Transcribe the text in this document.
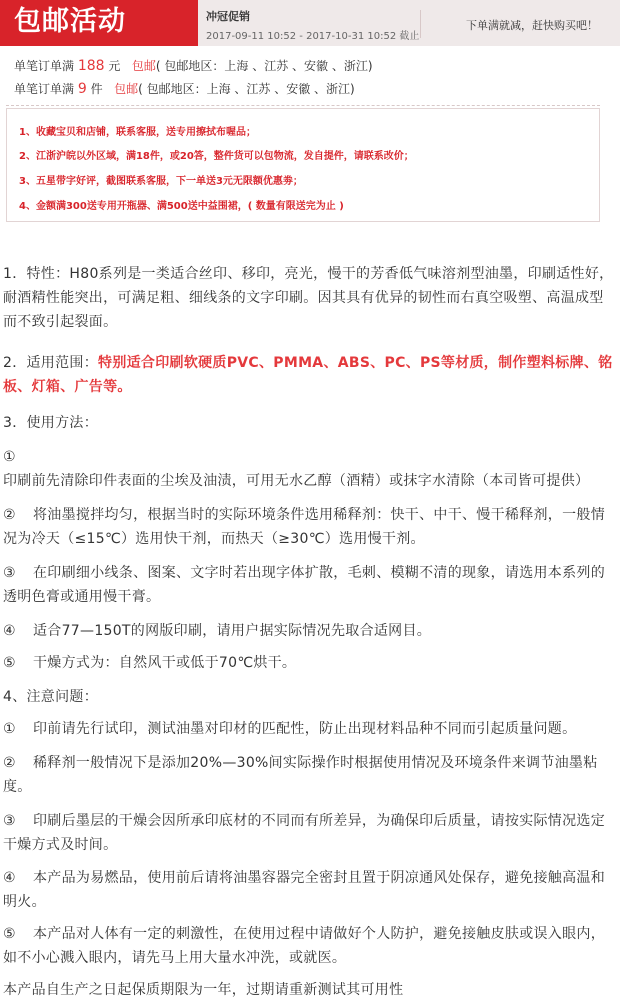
包邮活动	冲冠促销
2017-09-11 10:52 - 2017-10-31 10:52 截止
下单满就减，赶快购买吧！
单笔订单满 188 元 包邮( 包邮地区：上海 、江苏 、安徽 、浙江)
单笔订单满 9 件 包邮( 包邮地区：上海 、江苏 、安徽 、浙江)
1、收藏宝贝和店铺，联系客服，送专用擦拭布喔品；
2、江浙沪皖以外区域，满18件，或20答，整件货可以包物流，发自提件，请联系改价；
3、五星带字好评，截图联系客服，下一单送3元无限额优惠劵；
4、金额满300送专用开瓶器、满500送中益围裙，( 数量有限送完为止 )
1．特性：H80系列是一类适合丝印、移印，亮光，慢干的芳香低气味溶剂型油墨，印刷适性好，耐酒精性能突出，可满足粗、细线条的文字印刷。因其具有优异的韧性而右真空吸塑、高温成型而不致引起裂面。
2．适用范围：特别适合印刷软硬质PVC、PMMA、ABS、PC、PS等材质，制作塑料标牌、铭板、灯箱、广告等。
3．使用方法：
①印刷前先清除印件表面的尘埃及油渍，可用无水乙醇（酒精）或抹字水清除（本司皆可提供）
② 将油墨搅拌均匀，根据当时的实际环境条件选用稀释剂：快干、中干、慢干稀释剂，一般情况为冷天（≤15℃）选用快干剂，而热天（≥30℃）选用慢干剂。
③ 在印刷细小线条、图案、文字时若出现字体扩散，毛刺、模糊不清的现象，请选用本系列的透明色膏或通用慢干膏。
④ 适合77—150T的网版印刷，请用户据实际情况先取合适网目。
⑤ 干燥方式为：自然风干或低于70℃烘干。
4、注意问题：
① 印前请先行试印，测试油墨对印材的匹配性，防止出现材料品种不同而引起质量问题。
② 稀释剂一般情况下是添加20%—30%间实际操作时根据使用情况及环境条件来调节油墨粘度。
③ 印刷后墨层的干燥会因所承印底材的不同而有所差异，为确保印后质量，请按实际情况选定干燥方式及时间。
④ 本产品为易燃品，使用前后请将油墨容器完全密封且置于阴凉通风处保存，避免接触高温和明火。
⑤ 本产品对人体有一定的刺激性，在使用过程中请做好个人防护，避免接触皮肤或误入眼内，如不小心溅入眼内，请先马上用大量水冲洗，或就医。
本产品自生产之日起保质期限为一年，过期请重新测试其可用性
